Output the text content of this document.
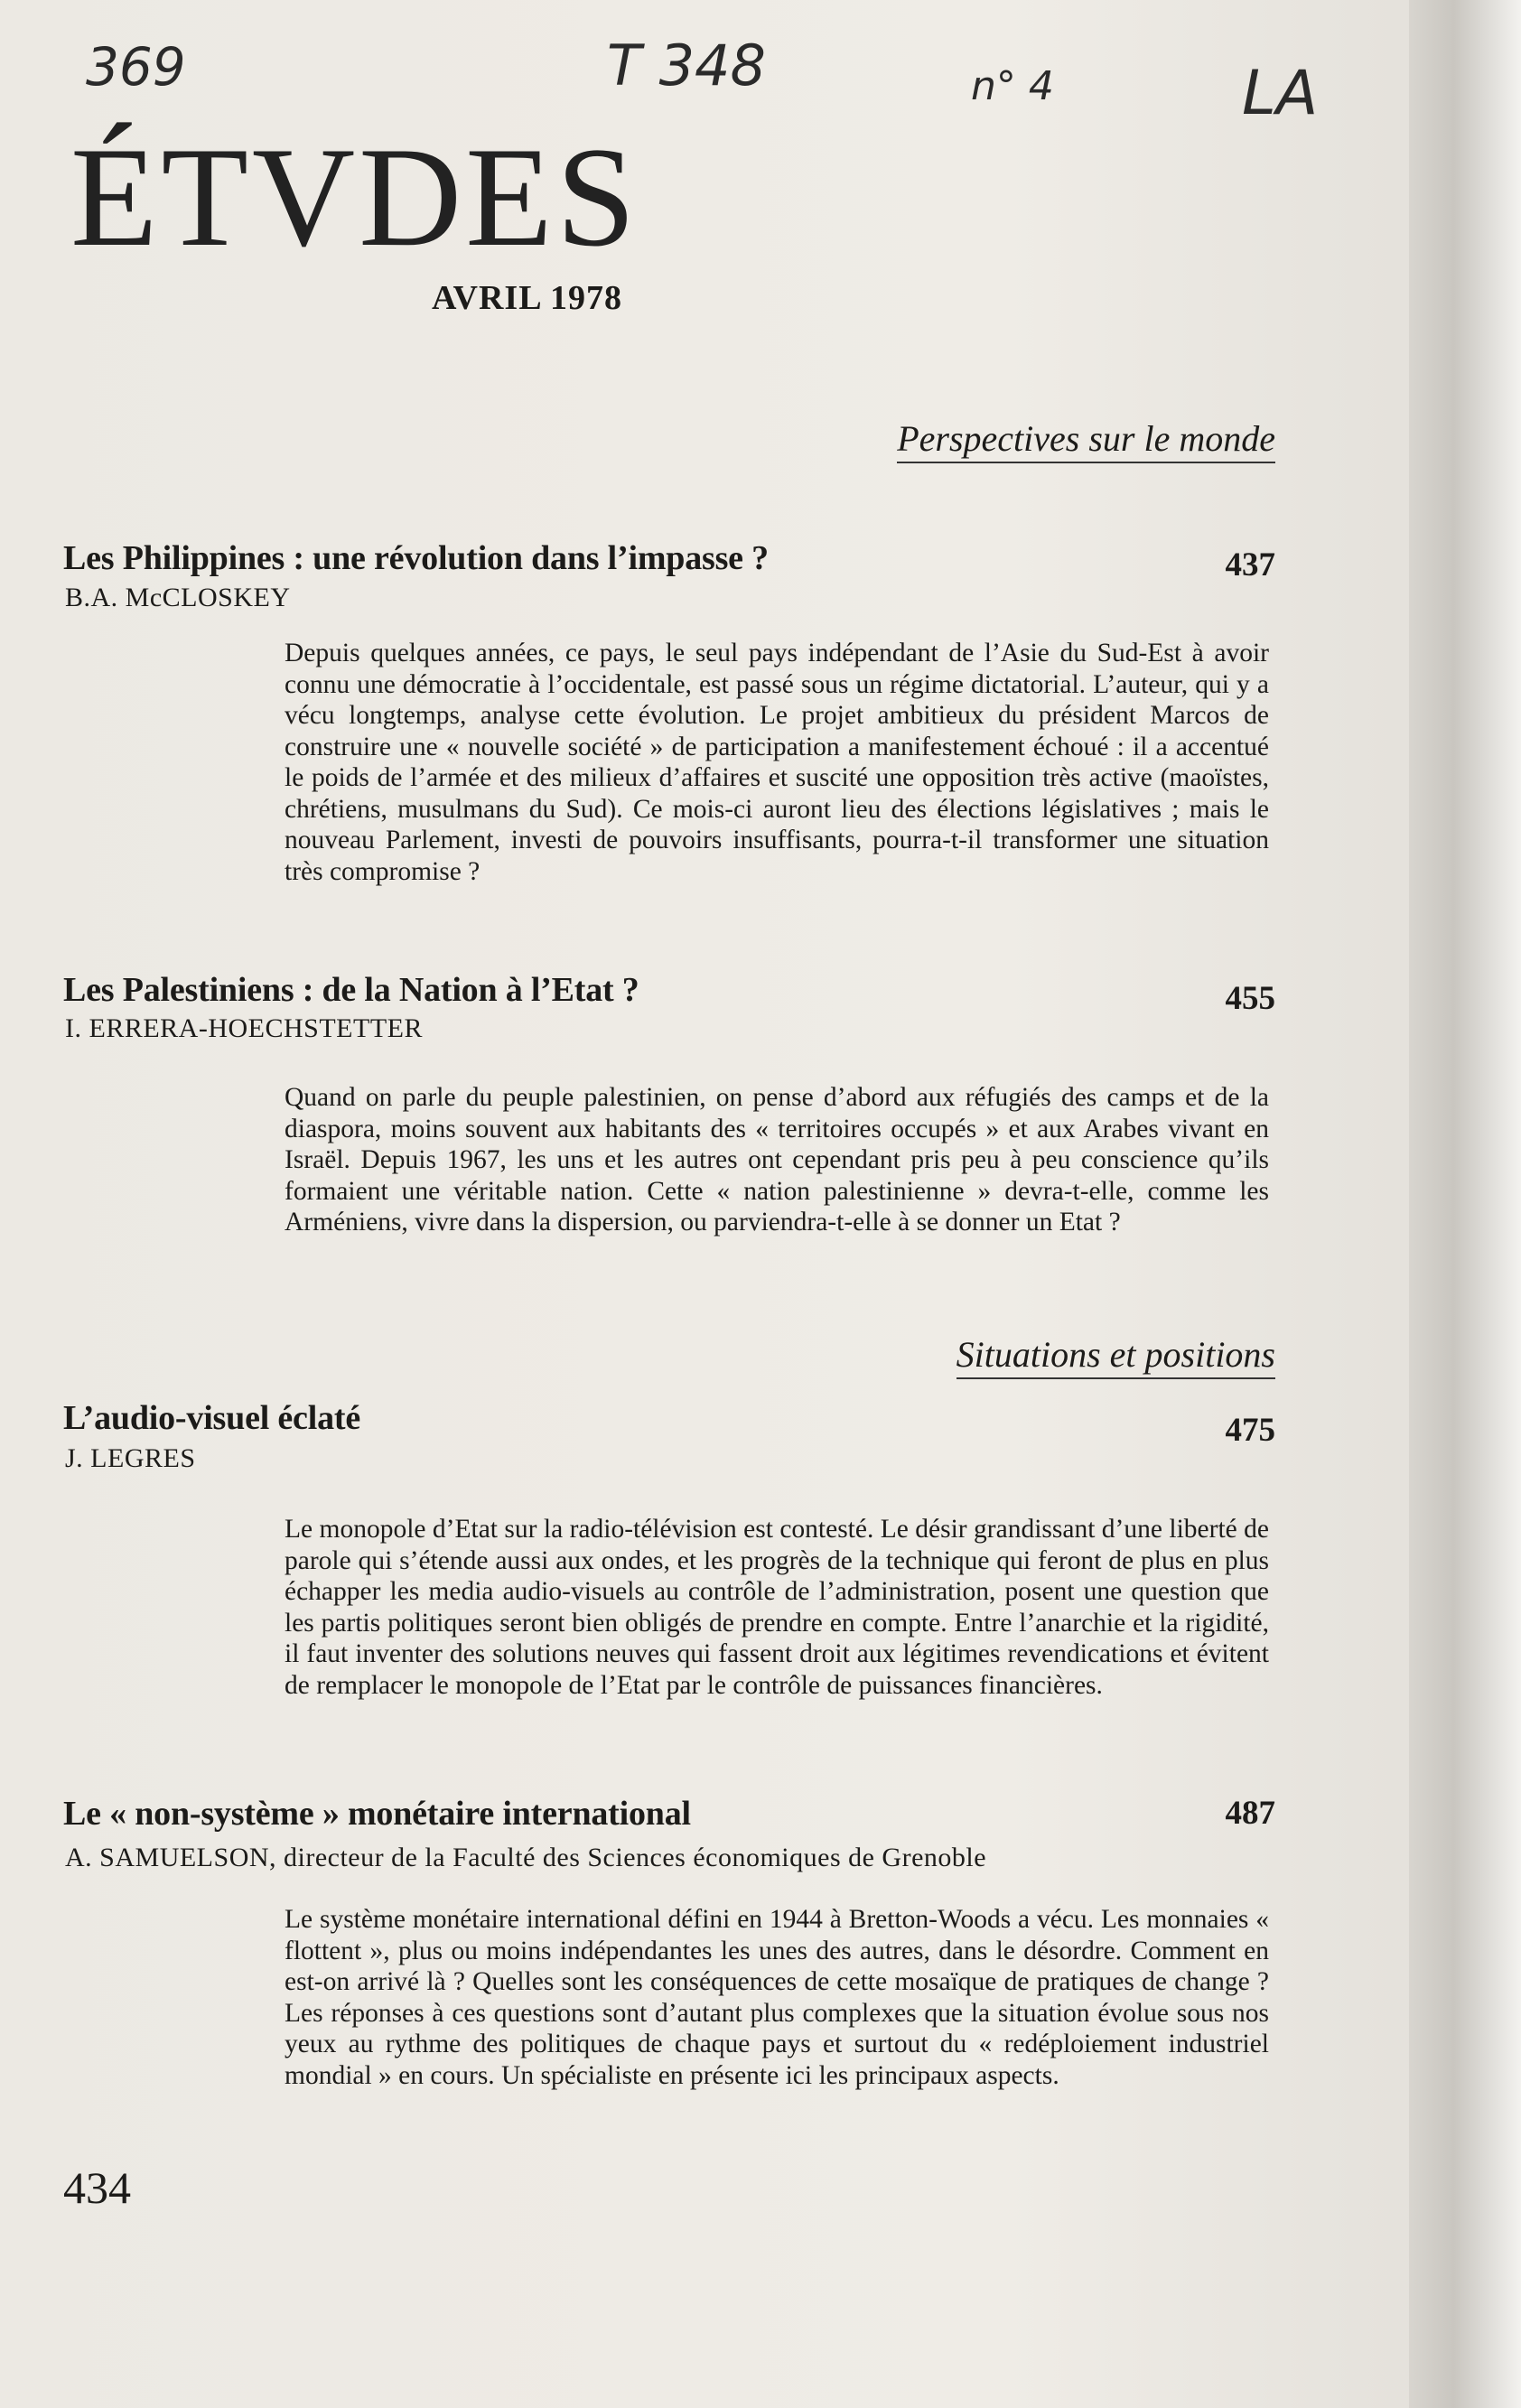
369	T 348	n° 4	LA
ÉTVDES
AVRIL 1978
Perspectives sur le monde
Les Philippines : une révolution dans l’impasse ?	437
B.A. McCLOSKEY
Depuis quelques années, ce pays, le seul pays indépendant de l’Asie du Sud-Est à avoir connu une démocratie à l’occidentale, est passé sous un régime dictatorial. L’auteur, qui y a vécu longtemps, analyse cette évolution. Le projet ambitieux du président Marcos de construire une « nouvelle société » de participation a manifestement échoué : il a accentué le poids de l’armée et des milieux d’affaires et suscité une opposition très active (maoïstes, chrétiens, musulmans du Sud). Ce mois-ci auront lieu des élections législatives ; mais le nouveau Parlement, investi de pouvoirs insuffisants, pourra-t-il transformer une situation très compromise ?
Les Palestiniens : de la Nation à l’Etat ?	455
I. ERRERA-HOECHSTETTER
Quand on parle du peuple palestinien, on pense d’abord aux réfugiés des camps et de la diaspora, moins souvent aux habitants des « territoires occupés » et aux Arabes vivant en Israël. Depuis 1967, les uns et les autres ont cependant pris peu à peu conscience qu’ils formaient une véritable nation. Cette « nation palestinienne » devra-t-elle, comme les Arméniens, vivre dans la dispersion, ou parviendra-t-elle à se donner un Etat ?
Situations et positions
L’audio-visuel éclaté	475
J. LEGRES
Le monopole d’Etat sur la radio-télévision est contesté. Le désir grandissant d’une liberté de parole qui s’étende aussi aux ondes, et les progrès de la technique qui feront de plus en plus échapper les media audio-visuels au contrôle de l’administration, posent une question que les partis politiques seront bien obligés de prendre en compte. Entre l’anarchie et la rigidité, il faut inventer des solutions neuves qui fassent droit aux légitimes revendications et évitent de remplacer le monopole de l’Etat par le contrôle de puissances financières.
Le « non-système » monétaire international	487
A. SAMUELSON, directeur de la Faculté des Sciences économiques de Grenoble
Le système monétaire international défini en 1944 à Bretton-Woods a vécu. Les monnaies « flottent », plus ou moins indépendantes les unes des autres, dans le désordre. Comment en est-on arrivé là ? Quelles sont les conséquences de cette mosaïque de pratiques de change ? Les réponses à ces questions sont d’autant plus complexes que la situation évolue sous nos yeux au rythme des politiques de chaque pays et surtout du « redéploiement industriel mondial » en cours. Un spécialiste en présente ici les principaux aspects.
434
